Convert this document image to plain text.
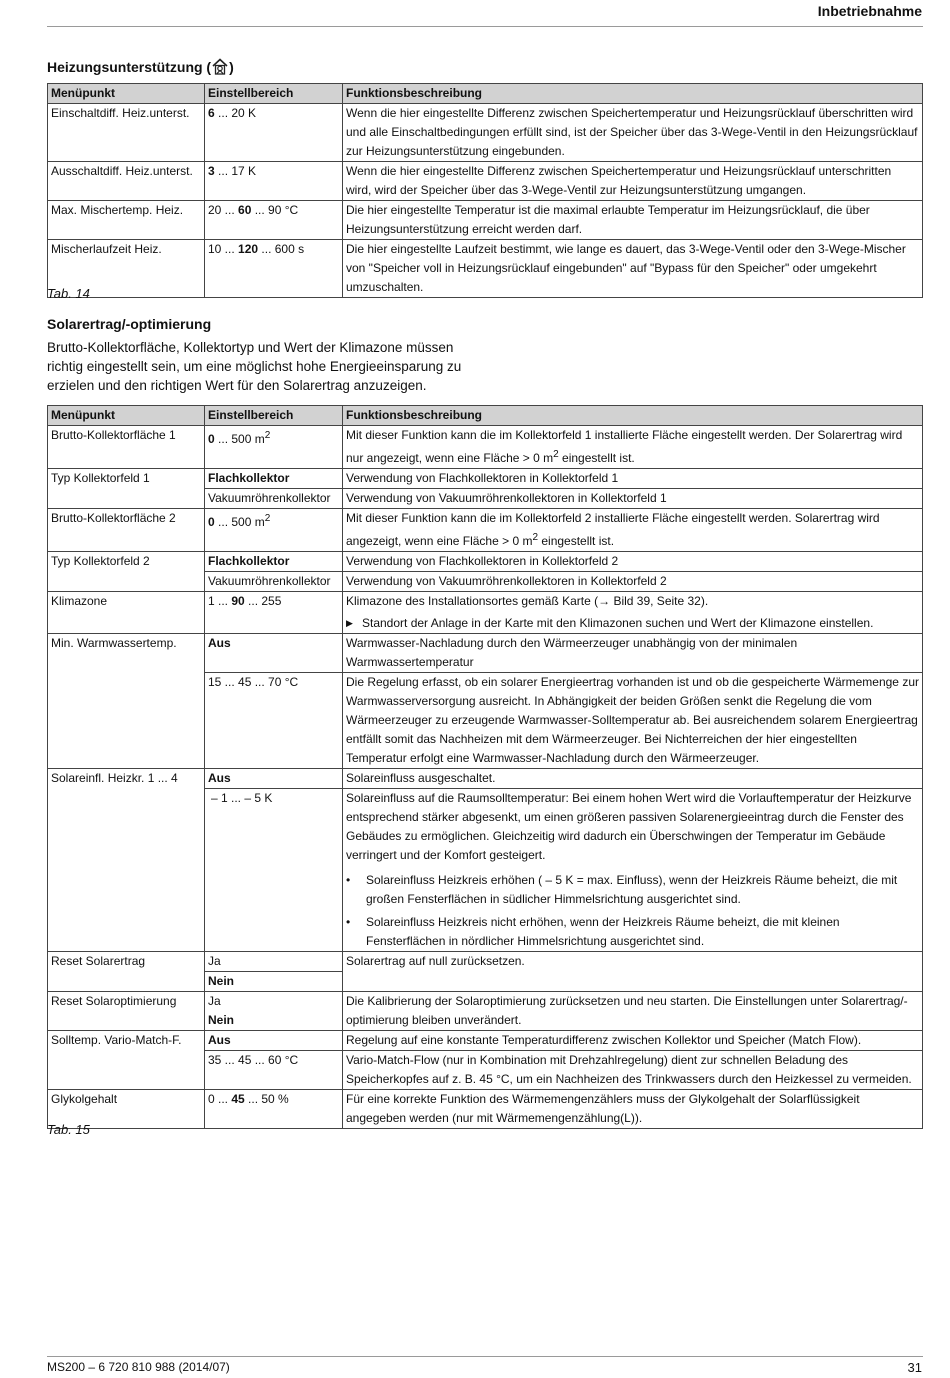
Inbetriebnahme
Heizungsunterstützung ( )
Menüpunkt	Einstellbereich	Funktionsbeschreibung
Einschaltdiff. Heiz.unterst.	6 ... 20 K	Wenn die hier eingestellte Differenz zwischen Speichertemperatur und Heizungsrücklauf überschritten wird und alle Einschaltbedingungen erfüllt sind, ist der Speicher über das 3-Wege-Ventil in den Heizungsrücklauf zur Heizungsunterstützung eingebunden.
Ausschaltdiff. Heiz.unterst.	3 ... 17 K	Wenn die hier eingestellte Differenz zwischen Speichertemperatur und Heizungsrücklauf unterschritten wird, wird der Speicher über das 3-Wege-Ventil zur Heizungsunterstützung umgangen.
Max. Mischertemp. Heiz.	20 ... 60 ... 90 °C	Die hier eingestellte Temperatur ist die maximal erlaubte Temperatur im Heizungsrücklauf, die über Heizungsunterstützung erreicht werden darf.
Mischerlaufzeit Heiz.	10 ... 120 ... 600 s	Die hier eingestellte Laufzeit bestimmt, wie lange es dauert, das 3-Wege-Ventil oder den 3-Wege-Mischer von "Speicher voll in Heizungsrücklauf eingebunden" auf "Bypass für den Speicher" oder umgekehrt umzuschalten.
Tab. 14
Solarertrag/-optimierung
Brutto-Kollektorfläche, Kollektortyp und Wert der Klimazone müssen richtig eingestellt sein, um eine möglichst hohe Energieeinsparung zu erzielen und den richtigen Wert für den Solarertrag anzuzeigen.
Menüpunkt	Einstellbereich	Funktionsbeschreibung
Brutto-Kollektorfläche 1	0 ... 500 $m^2$	Mit dieser Funktion kann die im Kollektorfeld 1 installierte Fläche eingestellt werden. Der Solarertrag wird nur angezeigt, wenn eine Fläche > 0 $m^2$ eingestellt ist.
Typ Kollektorfeld 1	Flachkollektor	Verwendung von Flachkollektoren in Kollektorfeld 1
	Vakuumröhrenkollektor	Verwendung von Vakuumröhrenkollektoren in Kollektorfeld 1
Brutto-Kollektorfläche 2	0 ... 500 $m^2$	Mit dieser Funktion kann die im Kollektorfeld 2 installierte Fläche eingestellt werden. Solarertrag wird angezeigt, wenn eine Fläche > 0 $m^2$ eingestellt ist.
Typ Kollektorfeld 2	Flachkollektor	Verwendung von Flachkollektoren in Kollektorfeld 2
	Vakuumröhrenkollektor	Verwendung von Vakuumröhrenkollektoren in Kollektorfeld 2
Klimazone	1 ... 90 ... 255	Klimazone des Installationsortes gemäß Karte (→ Bild 39, Seite 32).
▶ Standort der Anlage in der Karte mit den Klimazonen suchen und Wert der Klimazone einstellen.

Min. Warmwassertemp.	Aus	Warmwasser-Nachladung durch den Wärmeerzeuger unabhängig von der minimalen Warmwassertemperatur
	15 ... 45 ... 70 °C	Die Regelung erfasst, ob ein solarer Energieertrag vorhanden ist und ob die gespeicherte Wärmemenge zur Warmwasserversorgung ausreicht. In Abhängigkeit der beiden Größen senkt die Regelung die vom Wärmeerzeuger zu erzeugende Warmwasser-Solltemperatur ab. Bei ausreichendem solarem Energieertrag entfällt somit das Nachheizen mit dem Wärmeerzeuger. Bei Nichterreichen der hier eingestellten Temperatur erfolgt eine Warmwasser-Nachladung durch den Wärmeerzeuger.
Solareinfl. Heizkr. 1 ... 4	Aus	Solareinfluss ausgeschaltet.
	– 1 ... – 5 K	Solareinfluss auf die Raumsolltemperatur: Bei einem hohen Wert wird die Vorlauftemperatur der Heizkurve entsprechend stärker abgesenkt, um einen größeren passiven Solarenergieeintrag durch die Fenster des Gebäudes zu ermöglichen. Gleichzeitig wird dadurch ein Überschwingen der Temperatur im Gebäude verringert und der Komfort gesteigert.
• Solareinfluss Heizkreis erhöhen ( – 5 K = max. Einfluss), wenn der Heizkreis Räume beheizt, die mit großen Fensterflächen in südlicher Himmelsrichtung ausgerichtet sind.
• Solareinfluss Heizkreis nicht erhöhen, wenn der Heizkreis Räume beheizt, die mit kleinen Fensterflächen in nördlicher Himmelsrichtung ausgerichtet sind.

Reset Solarertrag	Ja	Solarertrag auf null zurücksetzen.
	Nein	
Reset Solaroptimierung	Ja	Die Kalibrierung der Solaroptimierung zurücksetzen und neu starten. Die Einstellungen unter Solarertrag/-optimierung bleiben unverändert.
	Nein	
Solltemp. Vario-Match-F.	Aus	Regelung auf eine konstante Temperaturdifferenz zwischen Kollektor und Speicher (Match Flow).
	35 ... 45 ... 60 °C	Vario-Match-Flow (nur in Kombination mit Drehzahlregelung) dient zur schnellen Beladung des Speicherkopfes auf z. B. 45 °C, um ein Nachheizen des Trinkwassers durch den Heizkessel zu vermeiden.
Glykolgehalt	0 ... 45 ... 50 %	Für eine korrekte Funktion des Wärmemengenzählers muss der Glykolgehalt der Solarflüssigkeit angegeben werden (nur mit Wärmemengenzählung(L)).
Tab. 15
MS200 – 6 720 810 988 (2014/07)	31
